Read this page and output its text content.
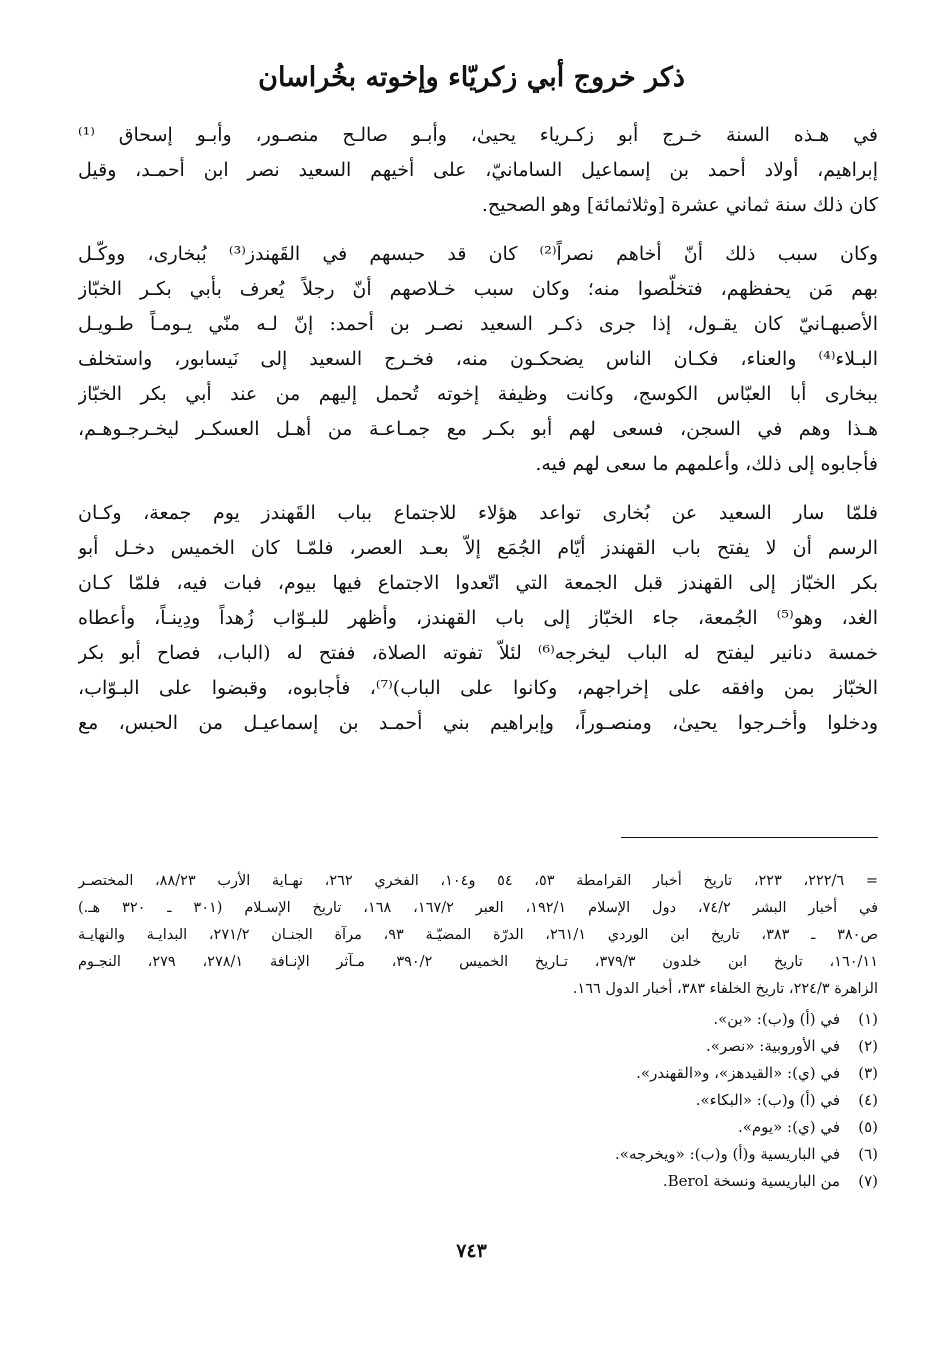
ذكر خروج أبي زكريّاء وإخوته بخُراسان

في هـذه السنة خـرج أبو زكـرياء يحيىٰ، وأبـو صالـح منصـور، وأبـو إسحاق ⁽¹⁾
إبراهيم، أولاد أحمد بن إسماعيل السامانيّ، على أخيهم السعيد نصر ابن أحمـد، وقيل
كان ذلك سنة ثماني عشرة [وثلاثمائة] وهو الصحيح.

وكان سبب ذلك أنّ أخاهم نصراً⁽²⁾ كان قد حبسهم في القَهندز⁽³⁾ بُبخارى، ووكّـل
بهم مَن يحفظهم، فتخلّصوا منه؛ وكان سبب خـلاصهم أنّ رجلاً يُعرف بأبي بكـر الخبّاز
الأصبهـانيّ كان يقـول، إذا جرى ذكـر السعيد نصـر بن أحمد: إنّ لـه منّي يـومـاً طـويـل
البـلاء⁽⁴⁾ والعناء، فكـان الناس يضحكـون منه، فخـرج السعيد إلى نَيسابور، واستخلف
ببخارى أبا العبّاس الكوسج، وكانت وظيفة إخوته تُحمل إليهم من عند أبي بكر الخبّاز
هـذا وهم في السجن، فسعى لهم أبو بكـر مع جمـاعـة من أهـل العسكـر ليخـرجـوهـم،
فأجابوه إلى ذلك، وأعلمهم ما سعى لهم فيه.

فلمّا سار السعيد عن بُخارى تواعد هؤلاء للاجتماع بباب القَهندز يوم جمعة، وكـان
الرسم أن لا يفتح باب القهندز أيّام الجُمَع إلاّ بعـد العصر، فلمّـا كان الخميس دخـل أبو
بكر الخبّاز إلى القهندز قبل الجمعة التي اتّعدوا الاجتماع فيها بيوم، فبات فيه، فلمّا كـان
الغد، وهو⁽⁵⁾ الجُمعة، جاء الخبّاز إلى باب القهندز، وأظهر للبـوّاب زُهداً ودِينـاً، وأعطاه
خمسة دنانير ليفتح له الباب ليخرجه⁽⁶⁾ لئلاّ تفوته الصلاة، ففتح له (الباب، فصاح أبو بكر
الخبّاز بمن وافقه على إخراجهم، وكانوا على الباب)⁽⁷⁾، فأجابوه، وقبضوا على البـوّاب،
ودخلوا وأخـرجوا يحيىٰ، ومنصـوراً، وإبراهيم بني أحمـد بن إسماعيـل من الحبس، مع

= ٢٢٢/٦، ٢٢٣، تاريخ أخبار القرامطة ٥٣، ٥٤ و١٠٤، الفخري ٢٦٢، نهـاية الأرب ٨٨/٢٣، المختصـر
في أخبار البشر ٧٤/٢، دول الإسلام ١٩٢/١، العبر ١٦٧/٢، ١٦٨، تاريخ الإسـلام (٣٠١ ـ ٣٢٠ هـ.)
ص٣٨٠ ـ ٣٨٣، تاريخ ابن الوردي ٢٦١/١، الدرّة المضيّـة ٩٣، مرآة الجنـان ٢٧١/٢، البدايـة والنهايـة
١٦٠/١١، تاريخ ابن خلدون ٣٧٩/٣، تـاريخ الخميس ٣٩٠/٢، مـآثر الإنـافة ٢٧٨/١، ٢٧٩، النجـوم
الزاهرة ٢٢٤/٣، تاريخ الخلفاء ٣٨٣، أخبار الدول ١٦٦.
(١)في (أ) و(ب): «بن».
(٢)في الأوروبية: «نصر».
(٣)في (ي): «القيدهز»، و«القهندر».
(٤)في (أ) و(ب): «البكاء».
(٥)في (ي): «يوم».
(٦)في الباريسية و(أ) و(ب): «ويخرجه».
(٧)من الباريسية ونسخة Berol.
٧٤٣
